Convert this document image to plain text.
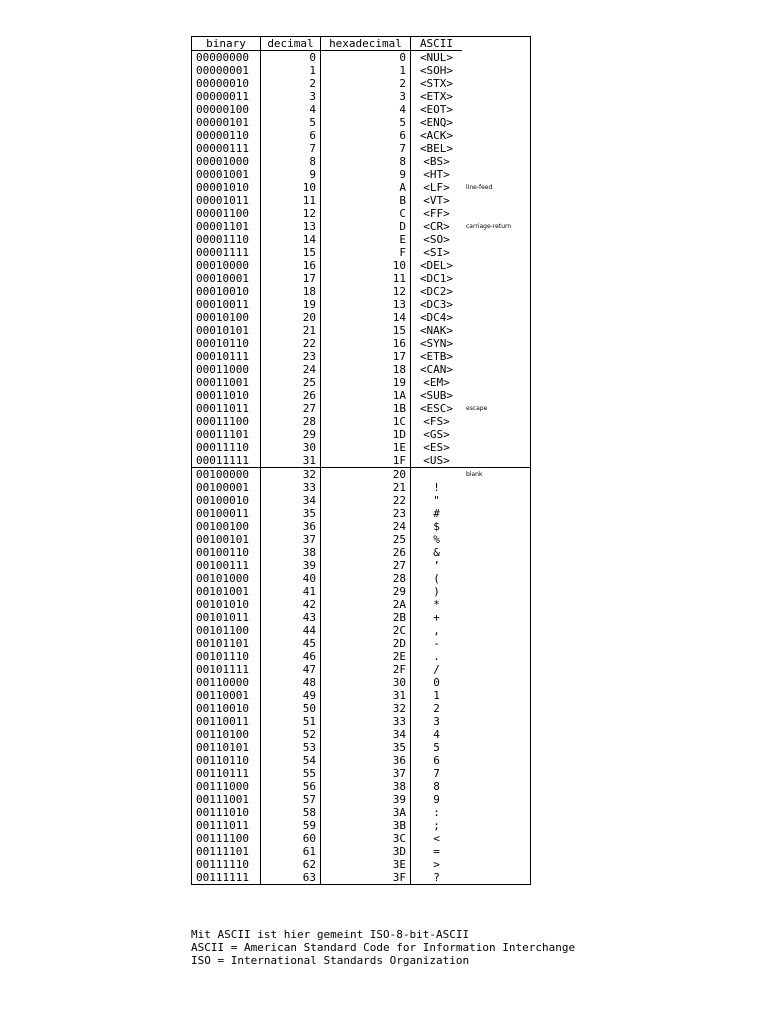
binary	decimal	hexadecimal	ASCII	
00000000	0	0	<NUL>	
00000001	1	1	<SOH>	
00000010	2	2	<STX>	
00000011	3	3	<ETX>	
00000100	4	4	<EOT>	
00000101	5	5	<ENQ>	
00000110	6	6	<ACK>	
00000111	7	7	<BEL>	
00001000	8	8	<BS>	
00001001	9	9	<HT>	
00001010	10	A	<LF>	line-feed
00001011	11	B	<VT>	
00001100	12	C	<FF>	
00001101	13	D	<CR>	carriage-return
00001110	14	E	<SO>	
00001111	15	F	<SI>	
00010000	16	10	<DEL>	
00010001	17	11	<DC1>	
00010010	18	12	<DC2>	
00010011	19	13	<DC3>	
00010100	20	14	<DC4>	
00010101	21	15	<NAK>	
00010110	22	16	<SYN>	
00010111	23	17	<ETB>	
00011000	24	18	<CAN>	
00011001	25	19	<EM>	
00011010	26	1A	<SUB>	
00011011	27	1B	<ESC>	escape
00011100	28	1C	<FS>	
00011101	29	1D	<GS>	
00011110	30	1E	<ES>	
00011111	31	1F	<US>	
00100000	32	20		blank
00100001	33	21	!	
00100010	34	22	"	
00100011	35	23	#	
00100100	36	24	$	
00100101	37	25	%	
00100110	38	26	&	
00100111	39	27	’	
00101000	40	28	(	
00101001	41	29	)	
00101010	42	2A	*	
00101011	43	2B	+	
00101100	44	2C	,	
00101101	45	2D	-	
00101110	46	2E	.	
00101111	47	2F	/	
00110000	48	30	0	
00110001	49	31	1	
00110010	50	32	2	
00110011	51	33	3	
00110100	52	34	4	
00110101	53	35	5	
00110110	54	36	6	
00110111	55	37	7	
00111000	56	38	8	
00111001	57	39	9	
00111010	58	3A	:	
00111011	59	3B	;	
00111100	60	3C	<	
00111101	61	3D	=	
00111110	62	3E	>	
00111111	63	3F	?	
Mit ASCII ist hier gemeint ISO-8-bit-ASCII
ASCII = American Standard Code for Information Interchange
ISO = International Standards Organization
